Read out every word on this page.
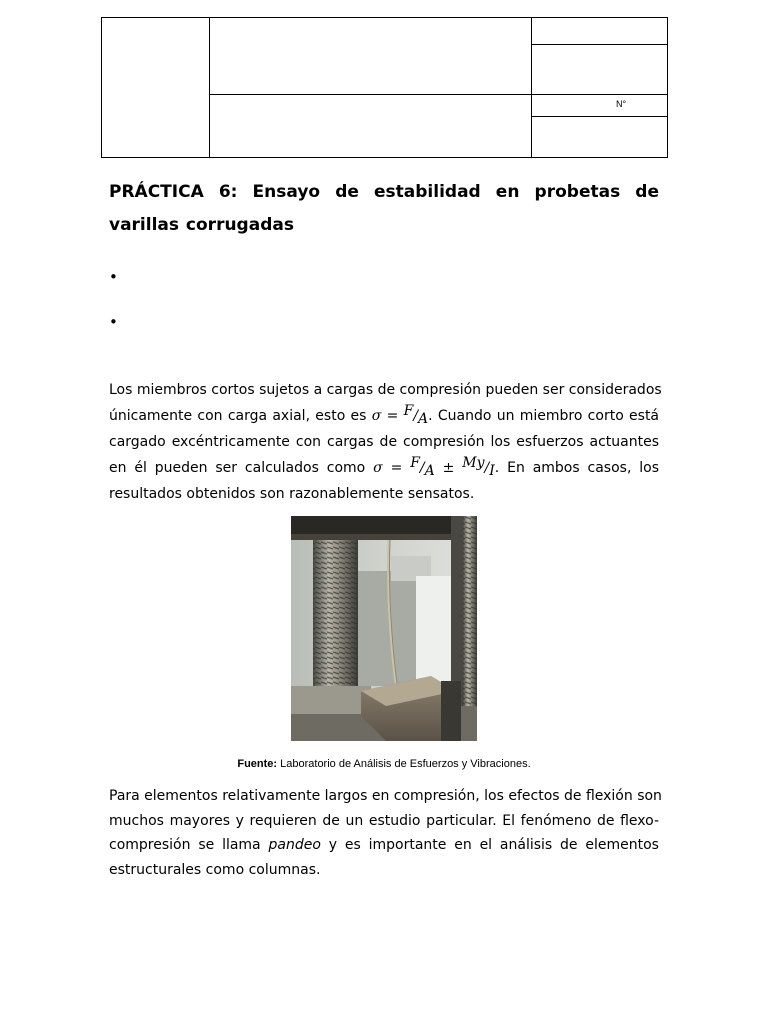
N°
PRÁCTICA 6: Ensayo de estabilidad en probetas de varillas corrugadas
•
•
Los miembros cortos sujetos a cargas de compresión pueden ser considerados
únicamente con carga axial, esto es σ = F/A. Cuando un miembro corto está
cargado excéntricamente con cargas de compresión los esfuerzos actuantes
en él pueden ser calculados como σ = F/A ± My/I. En ambos casos, los
resultados obtenidos son razonablemente sensatos.
Fuente: Laboratorio de Análisis de Esfuerzos y Vibraciones.
Para elementos relativamente largos en compresión, los efectos de flexión son
muchos mayores y requieren de un estudio particular. El fenómeno de flexo-
compresión se llama pandeo y es importante en el análisis de elementos
estructurales como columnas.
